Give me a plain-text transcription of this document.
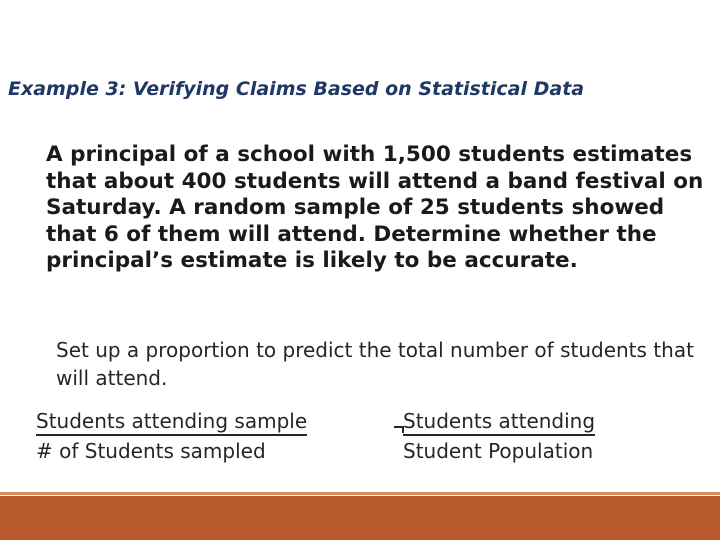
Example 3: Verifying Claims Based on Statistical Data

A principal of a school with 1,500 students estimates that about 400 students will attend a band festival on Saturday. A random sample of 25 students showed that 6 of them will attend. Determine whether the principal’s estimate is likely to be accurate.

Set up a proportion to predict the total number of students that will attend.

Students attending sample
# of Students sampled
Students attending
Student Population
